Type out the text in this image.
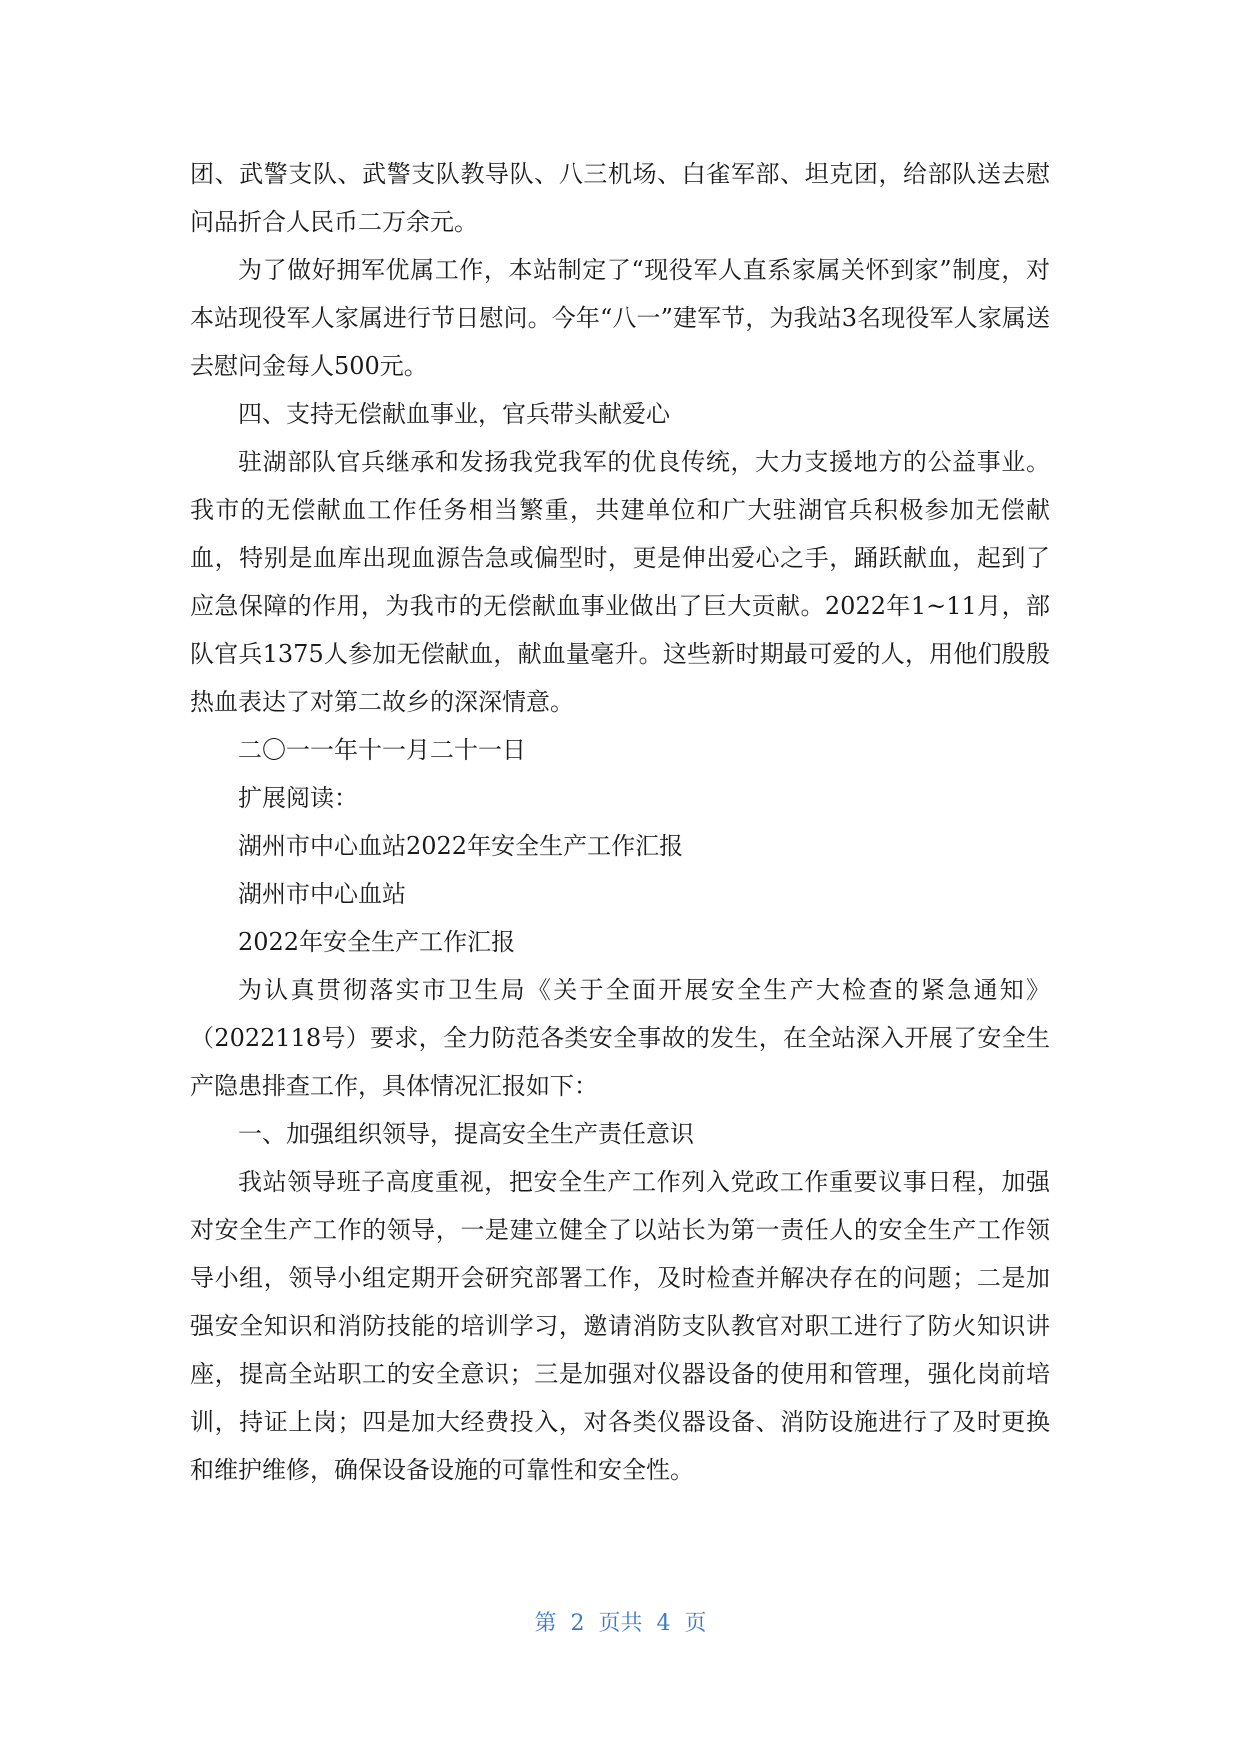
团、武警支队、武警支队教导队、八三机场、白雀军部、坦克团，给部队送去慰问品折合人民币二万余元。

为了做好拥军优属工作，本站制定了“现役军人直系家属关怀到家”制度，对本站现役军人家属进行节日慰问。今年“八一”建军节，为我站3名现役军人家属送去慰问金每人500元。

四、支持无偿献血事业，官兵带头献爱心

驻湖部队官兵继承和发扬我党我军的优良传统，大力支援地方的公益事业。我市的无偿献血工作任务相当繁重，共建单位和广大驻湖官兵积极参加无偿献血，特别是血库出现血源告急或偏型时，更是伸出爱心之手，踊跃献血，起到了应急保障的作用，为我市的无偿献血事业做出了巨大贡献。2022年1~11月，部队官兵1375人参加无偿献血，献血量毫升。这些新时期最可爱的人，用他们殷殷热血表达了对第二故乡的深深情意。

二〇一一年十一月二十一日

扩展阅读：

湖州市中心血站2022年安全生产工作汇报

湖州市中心血站

2022年安全生产工作汇报

为认真贯彻落实市卫生局《关于全面开展安全生产大检查的紧急通知》（2022118号）要求，全力防范各类安全事故的发生，在全站深入开展了安全生产隐患排查工作，具体情况汇报如下：

一、加强组织领导，提高安全生产责任意识

我站领导班子高度重视，把安全生产工作列入党政工作重要议事日程，加强对安全生产工作的领导，一是建立健全了以站长为第一责任人的安全生产工作领导小组，领导小组定期开会研究部署工作，及时检查并解决存在的问题；二是加强安全知识和消防技能的培训学习，邀请消防支队教官对职工进行了防火知识讲座，提高全站职工的安全意识；三是加强对仪器设备的使用和管理，强化岗前培训，持证上岗；四是加大经费投入，对各类仪器设备、消防设施进行了及时更换和维护维修，确保设备设施的可靠性和安全性。

第 2 页共 4 页
